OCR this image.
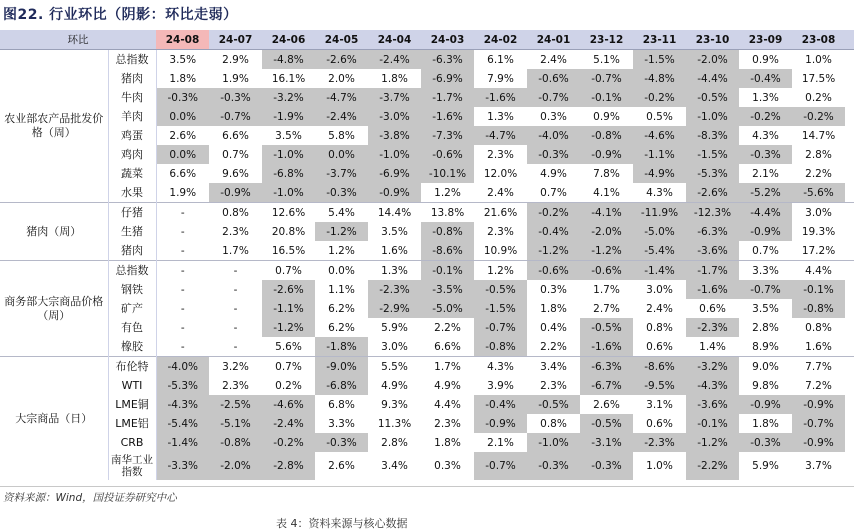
图22. 行业环比（阴影：环比走弱）
环比		24-08	24-07	24-06	24-05	24-04	24-03	24-02	24-01	23-12	23-11	23-10	23-09	23-08	
农业部农产品批发价格（周）	总指数	3.5%	2.9%	-4.8%	-2.6%	-2.4%	-6.3%	6.1%	2.4%	5.1%	-1.5%	-2.0%	0.9%	1.0%	
	猪肉	1.8%	1.9%	16.1%	2.0%	1.8%	-6.9%	7.9%	-0.6%	-0.7%	-4.8%	-4.4%	-0.4%	17.5%	
	牛肉	-0.3%	-0.3%	-3.2%	-4.7%	-3.7%	-1.7%	-1.6%	-0.7%	-0.1%	-0.2%	-0.5%	1.3%	0.2%	
	羊肉	0.0%	-0.7%	-1.9%	-2.4%	-3.0%	-1.6%	1.3%	0.3%	0.9%	0.5%	-1.0%	-0.2%	-0.2%	
	鸡蛋	2.6%	6.6%	3.5%	5.8%	-3.8%	-7.3%	-4.7%	-4.0%	-0.8%	-4.6%	-8.3%	4.3%	14.7%	
	鸡肉	0.0%	0.7%	-1.0%	0.0%	-1.0%	-0.6%	2.3%	-0.3%	-0.9%	-1.1%	-1.5%	-0.3%	2.8%	
	蔬菜	6.6%	9.6%	-6.8%	-3.7%	-6.9%	-10.1%	12.0%	4.9%	7.8%	-4.9%	-5.3%	2.1%	2.2%	
	水果	1.9%	-0.9%	-1.0%	-0.3%	-0.9%	1.2%	2.4%	0.7%	4.1%	4.3%	-2.6%	-5.2%	-5.6%	
猪肉（周）	仔猪	-	0.8%	12.6%	5.4%	14.4%	13.8%	21.6%	-0.2%	-4.1%	-11.9%	-12.3%	-4.4%	3.0%	
	生猪	-	2.3%	20.8%	-1.2%	3.5%	-0.8%	2.3%	-0.4%	-2.0%	-5.0%	-6.3%	-0.9%	19.3%	
	猪肉	-	1.7%	16.5%	1.2%	1.6%	-8.6%	10.9%	-1.2%	-1.2%	-5.4%	-3.6%	0.7%	17.2%	
商务部大宗商品价格（周）	总指数	-	-	0.7%	0.0%	1.3%	-0.1%	1.2%	-0.6%	-0.6%	-1.4%	-1.7%	3.3%	4.4%	
	钢铁	-	-	-2.6%	1.1%	-2.3%	-3.5%	-0.5%	0.3%	1.7%	3.0%	-1.6%	-0.7%	-0.1%	
	矿产	-	-	-1.1%	6.2%	-2.9%	-5.0%	-1.5%	1.8%	2.7%	2.4%	0.6%	3.5%	-0.8%	
	有色	-	-	-1.2%	6.2%	5.9%	2.2%	-0.7%	0.4%	-0.5%	0.8%	-2.3%	2.8%	0.8%	
	橡胶	-	-	5.6%	-1.8%	3.0%	6.6%	-0.8%	2.2%	-1.6%	0.6%	1.4%	8.9%	1.6%	
大宗商品（日）	布伦特	-4.0%	3.2%	0.7%	-9.0%	5.5%	1.7%	4.3%	3.4%	-6.3%	-8.6%	-3.2%	9.0%	7.7%	
	WTI	-5.3%	2.3%	0.2%	-6.8%	4.9%	4.9%	3.9%	2.3%	-6.7%	-9.5%	-4.3%	9.8%	7.2%	
	LME铜	-4.3%	-2.5%	-4.6%	6.8%	9.3%	4.4%	-0.4%	-0.5%	2.6%	3.1%	-3.6%	-0.9%	-0.9%	
	LME铝	-5.4%	-5.1%	-2.4%	3.3%	11.3%	2.3%	-0.9%	0.8%	-0.5%	0.6%	-0.1%	1.8%	-0.7%	
	CRB	-1.4%	-0.8%	-0.2%	-0.3%	2.8%	1.8%	2.1%	-1.0%	-3.1%	-2.3%	-1.2%	-0.3%	-0.9%	
	南华工业指数	-3.3%	-2.0%	-2.8%	2.6%	3.4%	0.3%	-0.7%	-0.3%	-0.3%	1.0%	-2.2%	5.9%	3.7%	
资料来源：Wind，国投证券研究中心
表 4：资料来源与核心数据
